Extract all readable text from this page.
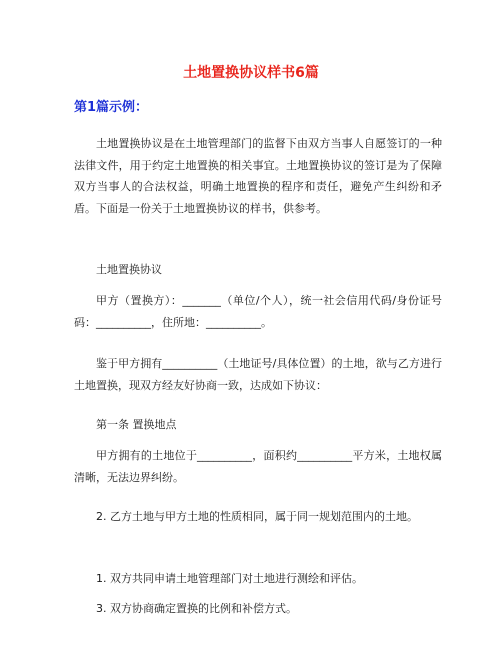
土地置换协议样书6篇
第1篇示例：

土地置换协议是在土地管理部门的监督下由双方当事人自愿签订的一种法律文件，用于约定土地置换的相关事宜。土地置换协议的签订是为了保障双方当事人的合法权益，明确土地置换的程序和责任，避免产生纠纷和矛盾。下面是一份关于土地置换协议的样书，供参考。

土地置换协议

甲方（置换方）：_______（单位/个人），统一社会信用代码/身份证号码：__________，住所地：__________。

鉴于甲方拥有__________（土地证号/具体位置）的土地，欲与乙方进行土地置换，现双方经友好协商一致，达成如下协议：

第一条 置换地点

甲方拥有的土地位于__________，面积约__________平方米，土地权属清晰，无法边界纠纷。

2. 乙方土地与甲方土地的性质相同，属于同一规划范围内的土地。

1. 双方共同申请土地管理部门对土地进行测绘和评估。

3. 双方协商确定置换的比例和补偿方式。
